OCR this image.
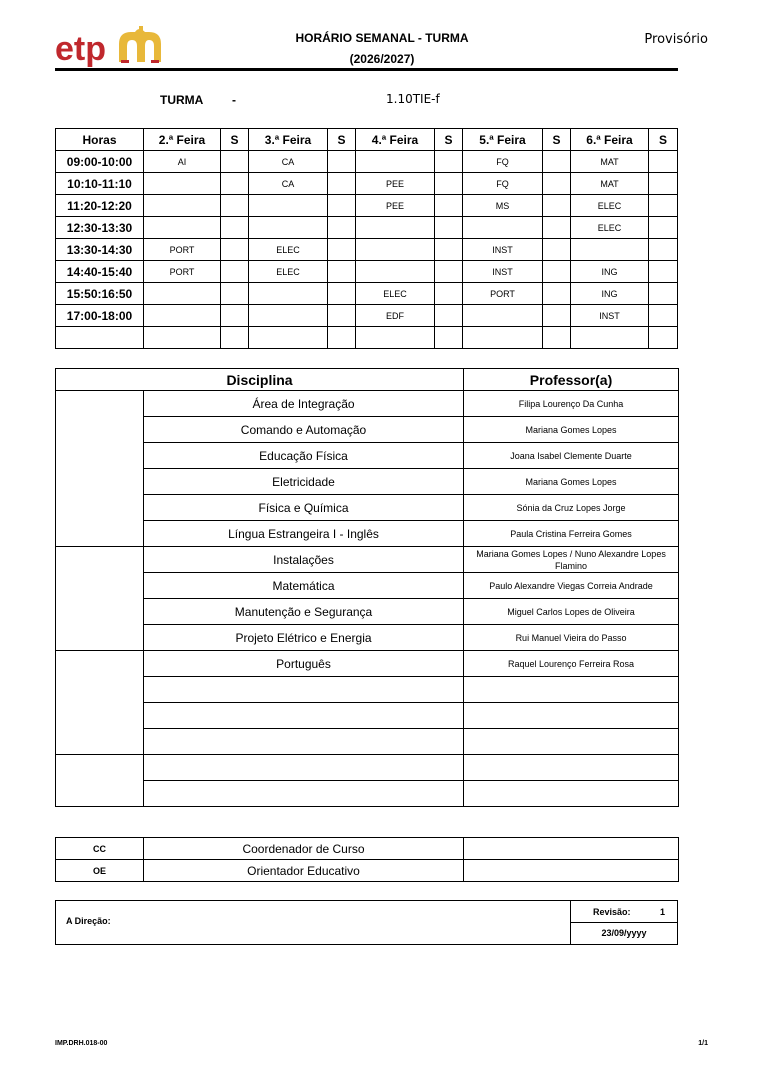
etp	HORÁRIO SEMANAL - TURMA
(2026/2027)
Provisório
TURMA -	1.10TIE-f
Horas	2.ª Feira	S	3.ª Feira	S	4.ª Feira	S	5.ª Feira	S	6.ª Feira	S
09:00-10:00	AI		CA				FQ		MAT	
10:10-11:10			CA		PEE		FQ		MAT	
11:20-12:20					PEE		MS		ELEC	
12:30-13:30									ELEC	
13:30-14:30	PORT		ELEC				INST			
14:40-15:40	PORT		ELEC				INST		ING	
15:50:16:50					ELEC		PORT		ING	
17:00-18:00					EDF				INST	

Disciplina		Professor(a)
	Área de Integração	Filipa Lourenço Da Cunha
	Comando e Automação	Mariana Gomes Lopes
	Educação Física	Joana Isabel Clemente Duarte
	Eletricidade	Mariana Gomes Lopes
	Física e Química	Sónia da Cruz Lopes Jorge
	Língua Estrangeira I - Inglês	Paula Cristina Ferreira Gomes
	Instalações	Mariana Gomes Lopes / Nuno Alexandre Lopes Flamino
	Matemática	Paulo Alexandre Viegas Correia Andrade
	Manutenção e Segurança	Miguel Carlos Lopes de Oliveira
	Projeto Elétrico e Energia	Rui Manuel Vieira do Passo
	Português	Raquel Lourenço Ferreira Rosa

CC	Coordenador de Curso	
OE	Orientador Educativo	
A Direção:
Revisão:	1
23/09/yyyy
IMP.DRH.018-00	1/1
